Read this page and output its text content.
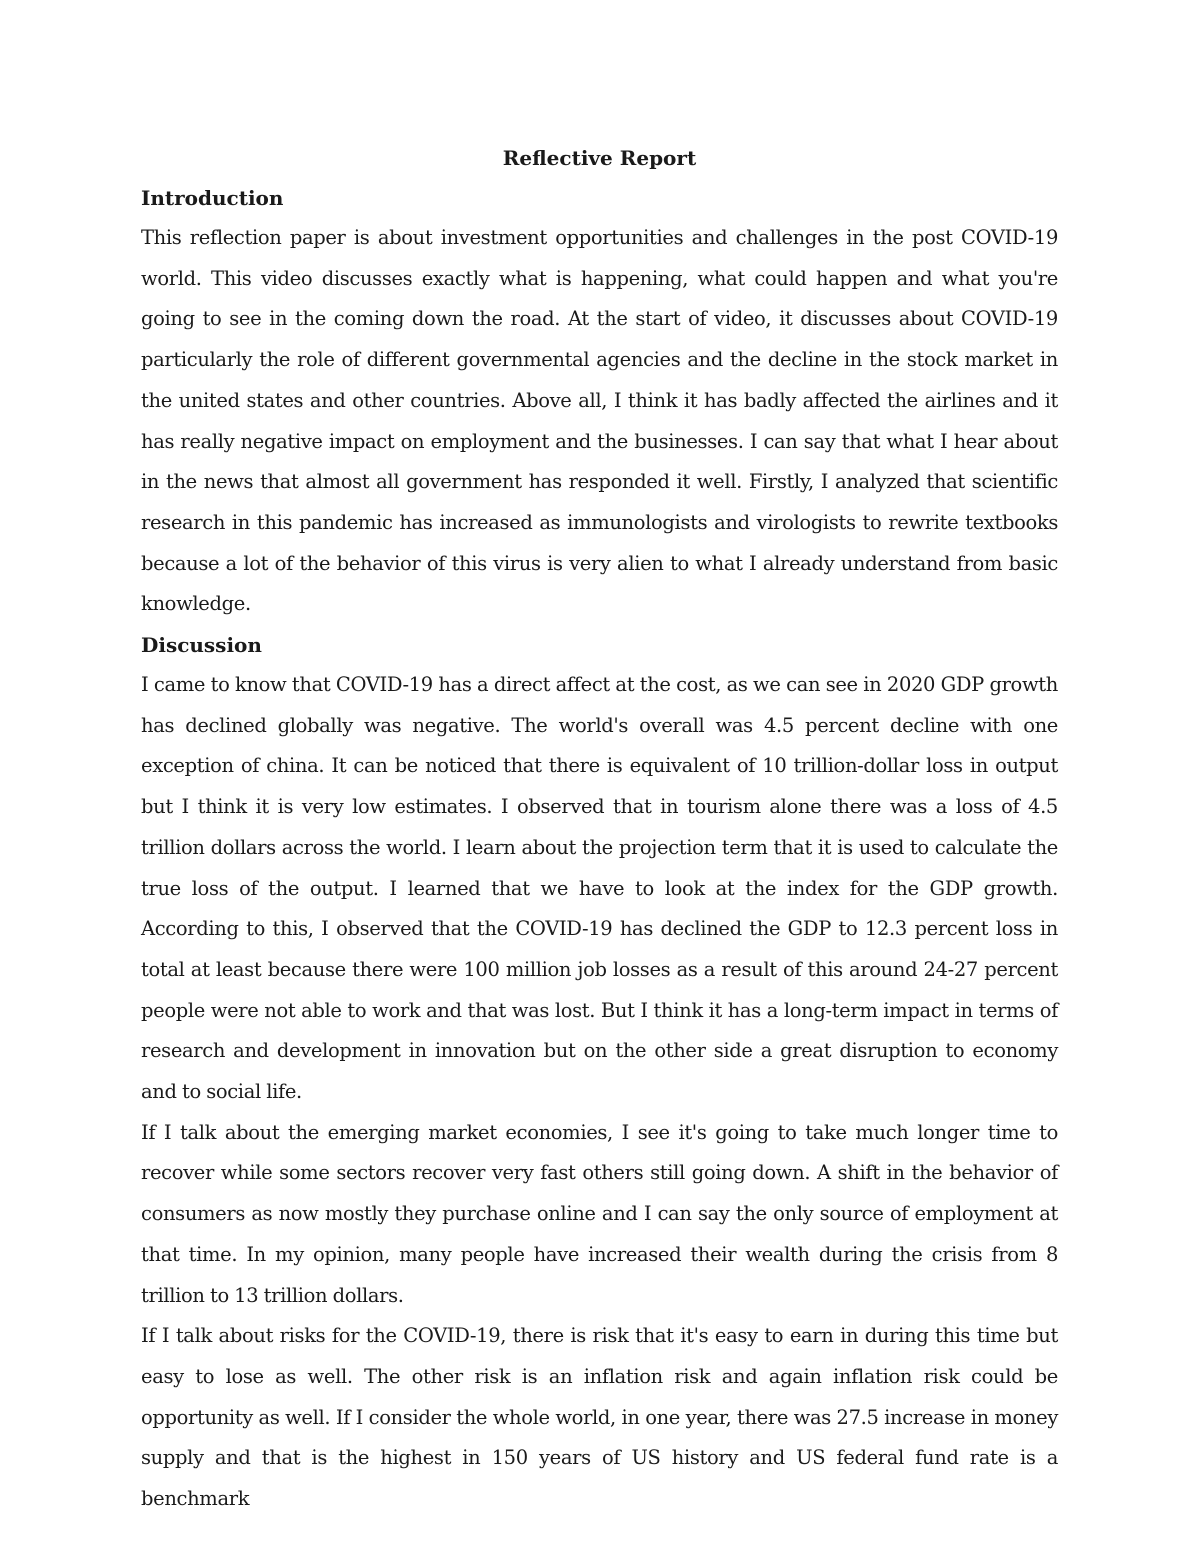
Reflective Report
Introduction

This reflection paper is about investment opportunities and challenges in the post COVID-19 world. This video discusses exactly what is happening, what could happen and what you're going to see in the coming down the road. At the start of video, it discusses about COVID-19 particularly the role of different governmental agencies and the decline in the stock market in the united states and other countries. Above all, I think it has badly affected the airlines and it has really negative impact on employment and the businesses. I can say that what I hear about in the news that almost all government has responded it well. Firstly, I analyzed that scientific research in this pandemic has increased as immunologists and virologists to rewrite textbooks because a lot of the behavior of this virus is very alien to what I already understand from basic knowledge.

Discussion

I came to know that COVID-19 has a direct affect at the cost, as we can see in 2020 GDP growth has declined globally was negative. The world's overall was 4.5 percent decline with one exception of china. It can be noticed that there is equivalent of 10 trillion-dollar loss in output but I think it is very low estimates. I observed that in tourism alone there was a loss of 4.5 trillion dollars across the world. I learn about the projection term that it is used to calculate the true loss of the output. I learned that we have to look at the index for the GDP growth. According to this, I observed that the COVID-19 has declined the GDP to 12.3 percent loss in total at least because there were 100 million job losses as a result of this around 24-27 percent people were not able to work and that was lost. But I think it has a long-term impact in terms of research and development in innovation but on the other side a great disruption to economy and to social life.

If I talk about the emerging market economies, I see it's going to take much longer time to recover while some sectors recover very fast others still going down. A shift in the behavior of consumers as now mostly they purchase online and I can say the only source of employment at that time. In my opinion, many people have increased their wealth during the crisis from 8 trillion to 13 trillion dollars.

If I talk about risks for the COVID-19, there is risk that it's easy to earn in during this time but easy to lose as well. The other risk is an inflation risk and again inflation risk could be opportunity as well. If I consider the whole world, in one year, there was 27.5 increase in money supply and that is the highest in 150 years of US history and US federal fund rate is a benchmark
